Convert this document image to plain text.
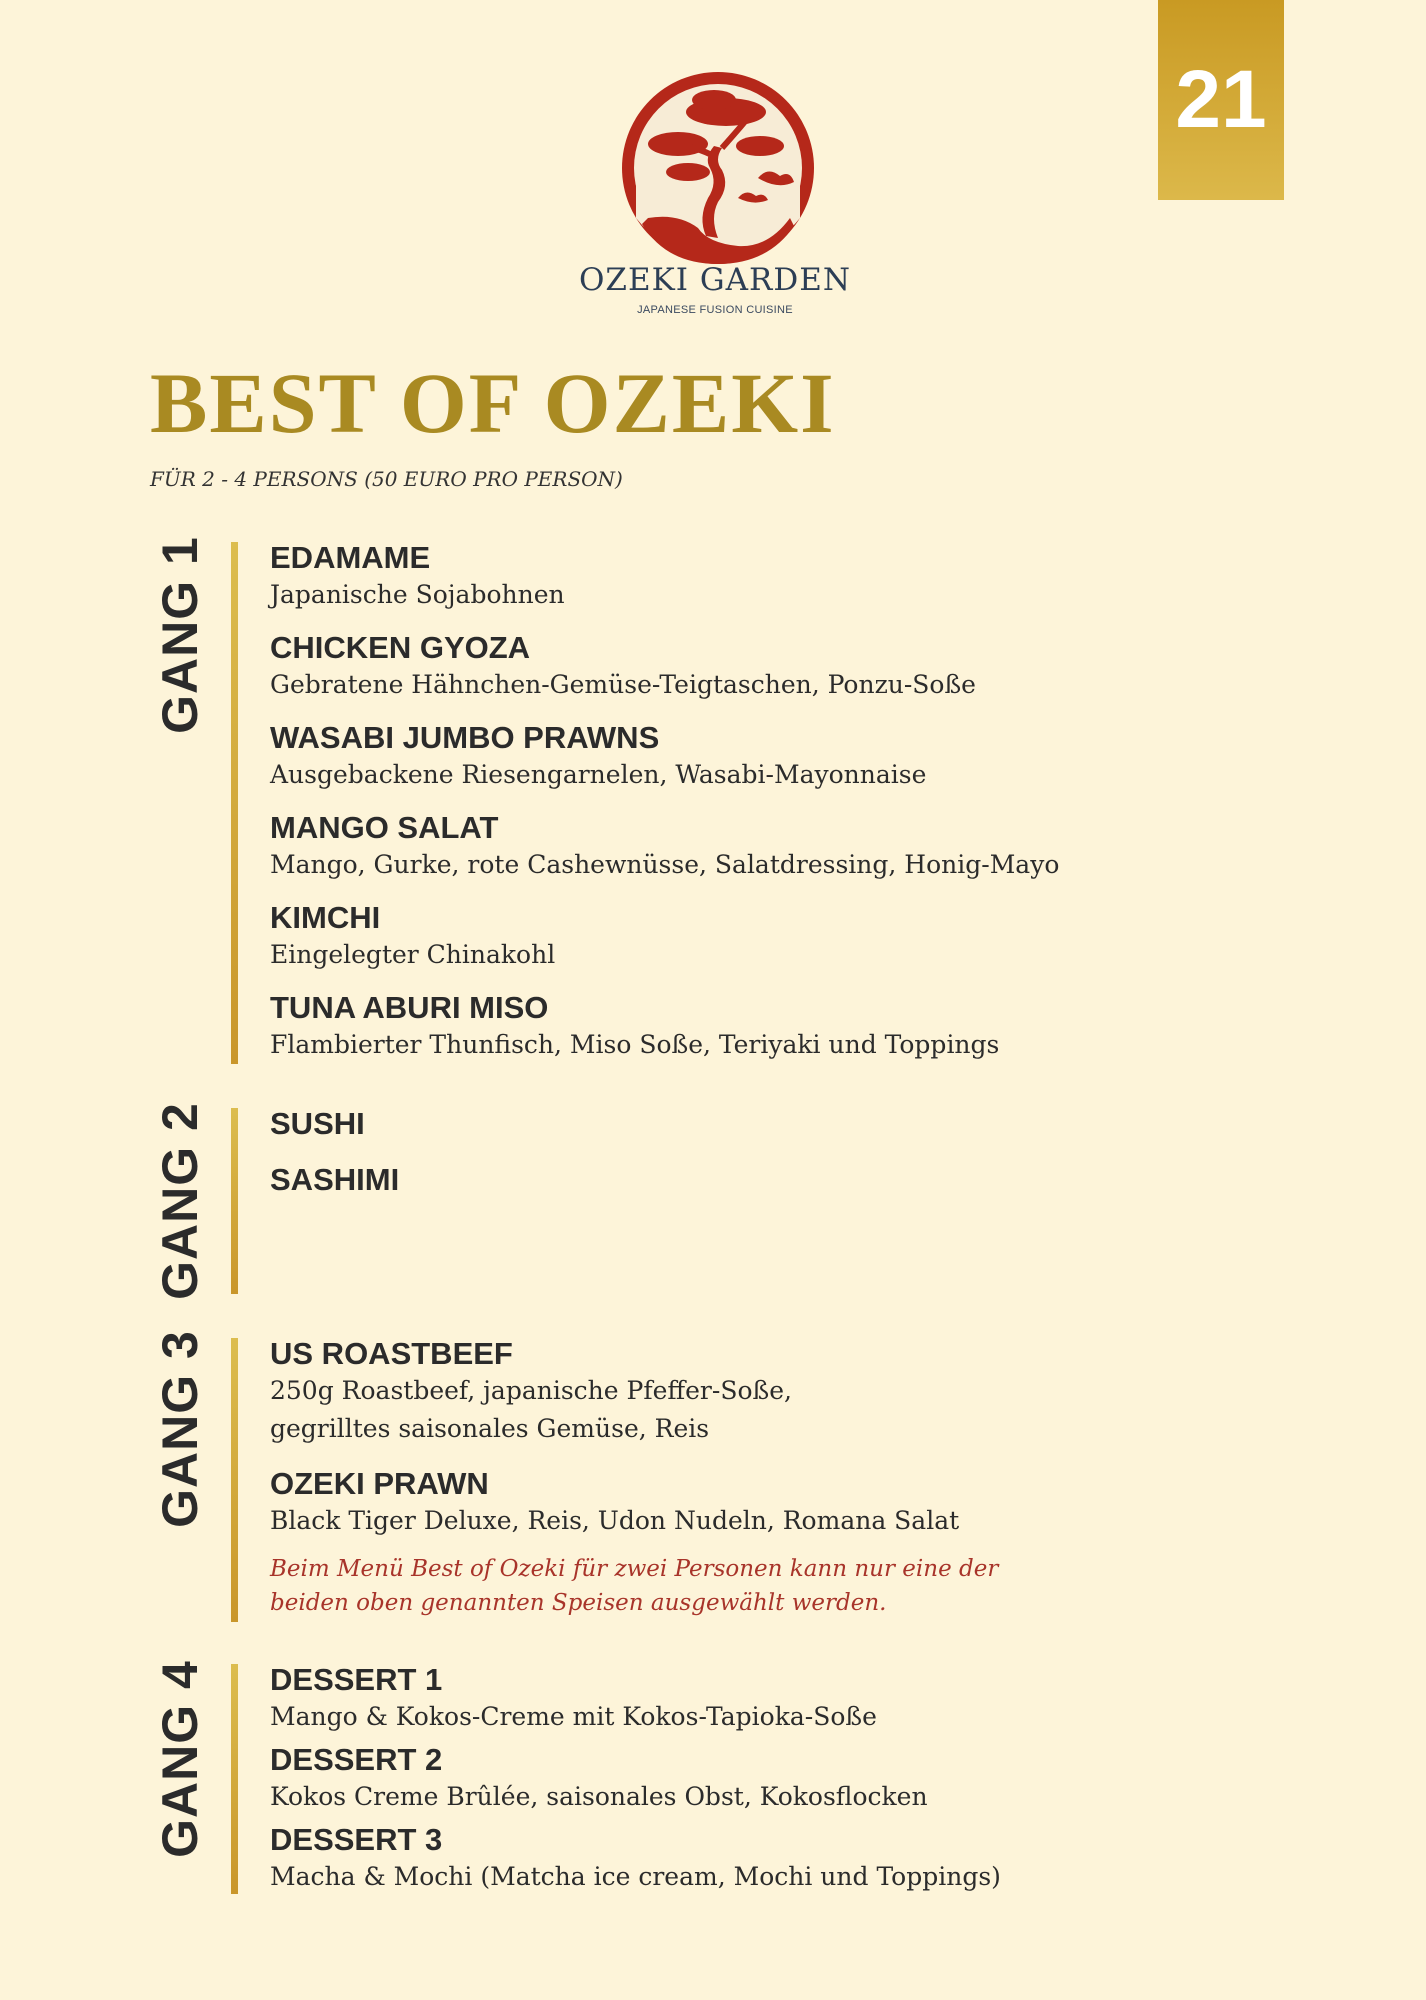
21
OZEKI GARDEN
JAPANESE FUSION CUISINE
BEST OF OZEKI
FÜR 2 - 4 PERSONS (50 EURO PRO PERSON)
GANG 1 EDAMAME
Japanische Sojabohnen
CHICKEN GYOZA
Gebratene Hähnchen-Gemüse-Teigtaschen, Ponzu-Soße
WASABI JUMBO PRAWNS
Ausgebackene Riesengarnelen, Wasabi-Mayonnaise
MANGO SALAT
Mango, Gurke, rote Cashewnüsse, Salatdressing, Honig-Mayo
KIMCHI
Eingelegter Chinakohl
TUNA ABURI MISO
Flambierter Thunfisch, Miso Soße, Teriyaki und Toppings
GANG 2 SUSHI
SASHIMI
GANG 3 US ROASTBEEF
250g Roastbeef, japanische Pfeffer-Soße,
gegrilltes saisonales Gemüse, Reis
OZEKI PRAWN
Black Tiger Deluxe, Reis, Udon Nudeln, Romana Salat
Beim Menü Best of Ozeki für zwei Personen kann nur eine der
beiden oben genannten Speisen ausgewählt werden.
GANG 4 DESSERT 1
Mango & Kokos-Creme mit Kokos-Tapioka-Soße
DESSERT 2
Kokos Creme Brûlée, saisonales Obst, Kokosflocken
DESSERT 3
Macha & Mochi (Matcha ice cream, Mochi und Toppings)
